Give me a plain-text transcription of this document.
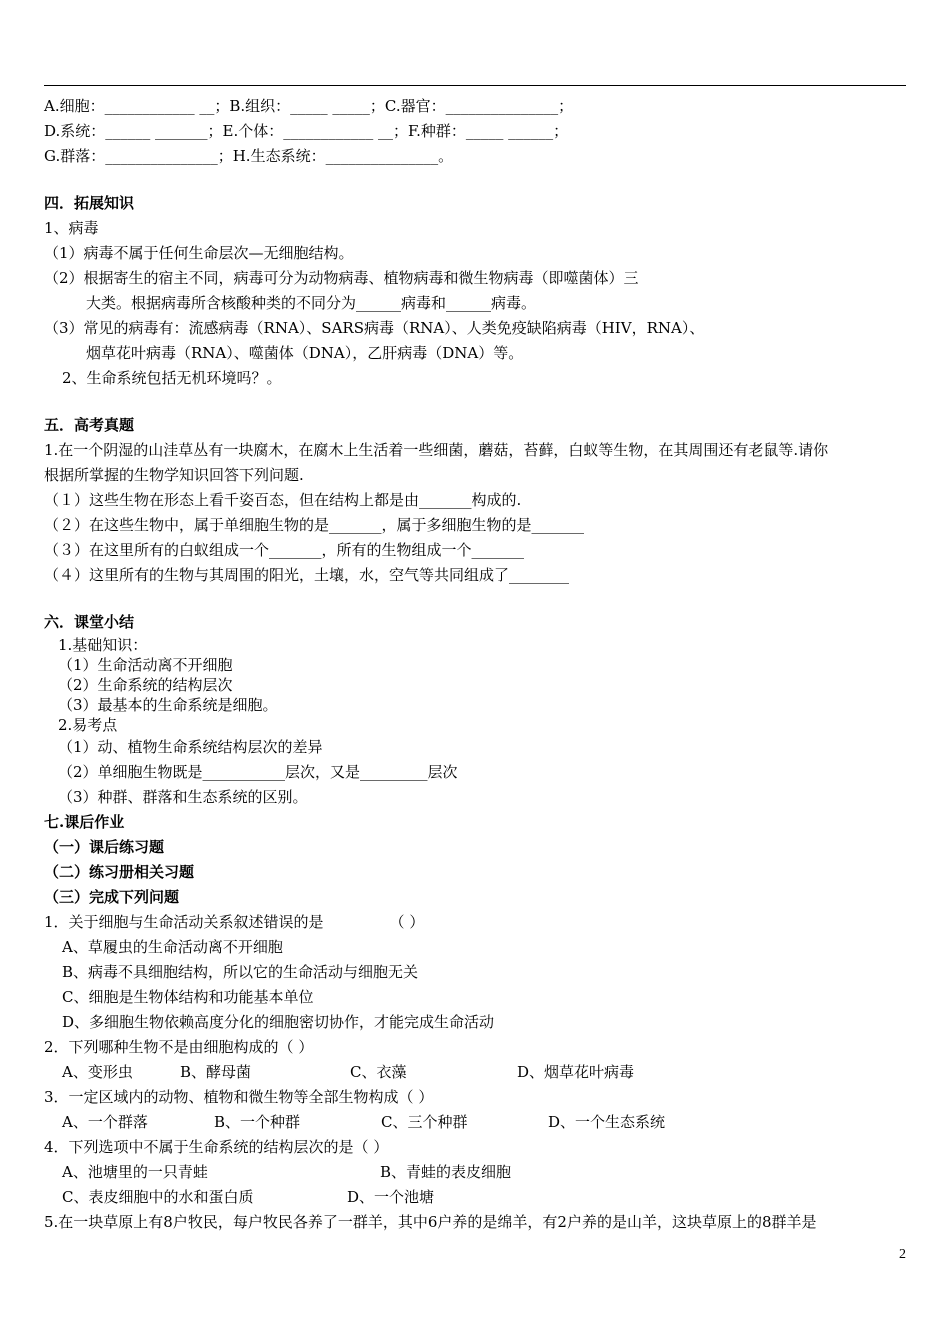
A.细胞：____________ __；B.组织：_____ _____；C.器官：_______________；
D.系统：______ _______；E.个体：____________ __；F.种群：_____ ______；
G.群落：_______________；H.生态系统：_______________。
四．拓展知识
1、病毒
（1）病毒不属于任何生命层次—无细胞结构。
（2）根据寄生的宿主不同，病毒可分为动物病毒、植物病毒和微生物病毒（即噬菌体）三
大类。根据病毒所含核酸种类的不同分为______病毒和______病毒。
（3）常见的病毒有：流感病毒（RNA）、SARS病毒（RNA）、人类免疫缺陷病毒（HIV，RNA）、
烟草花叶病毒（RNA）、噬菌体（DNA），乙肝病毒（DNA）等。
2、生命系统包括无机环境吗？。
五．高考真题
1.在一个阴湿的山洼草丛有一块腐木，在腐木上生活着一些细菌，蘑菇，苔藓，白蚁等生物，在其周围还有老鼠等.请你
根据所掌握的生物学知识回答下列问题.
（１）这些生物在形态上看千姿百态，但在结构上都是由_______构成的.
（２）在这些生物中，属于单细胞生物的是_______，属于多细胞生物的是_______
（３）在这里所有的白蚁组成一个_______，所有的生物组成一个_______
（４）这里所有的生物与其周围的阳光，土壤，水，空气等共同组成了________
六．课堂小结
1.基础知识：
（1）生命活动离不开细胞
（2）生命系统的结构层次
（3）最基本的生命系统是细胞。
2.易考点
（1）动、植物生命系统结构层次的差异
（2）单细胞生物既是___________层次，又是_________层次
（3）种群、群落和生态系统的区别。
七.课后作业
（一）课后练习题
（二）练习册相关习题
（三）完成下列问题
1．关于细胞与生命活动关系叙述错误的是	（ ）
A、草履虫的生命活动离不开细胞
B、病毒不具细胞结构，所以它的生命活动与细胞无关
C、细胞是生物体结构和功能基本单位
D、多细胞生物依赖高度分化的细胞密切协作，才能完成生命活动
2．下列哪种生物不是由细胞构成的（ ）
A、变形虫	B、酵母菌	C、衣藻	D、烟草花叶病毒
3．一定区域内的动物、植物和微生物等全部生物构成（ ）
A、一个群落	B、一个种群	C、三个种群	D、一个生态系统
4．下列选项中不属于生命系统的结构层次的是（ ）
A、池塘里的一只青蛙	B、青蛙的表皮细胞
C、表皮细胞中的水和蛋白质	D、一个池塘
5.在一块草原上有8户牧民，每户牧民各养了一群羊，其中6户养的是绵羊，有2户养的是山羊，这块草原上的8群羊是
2
